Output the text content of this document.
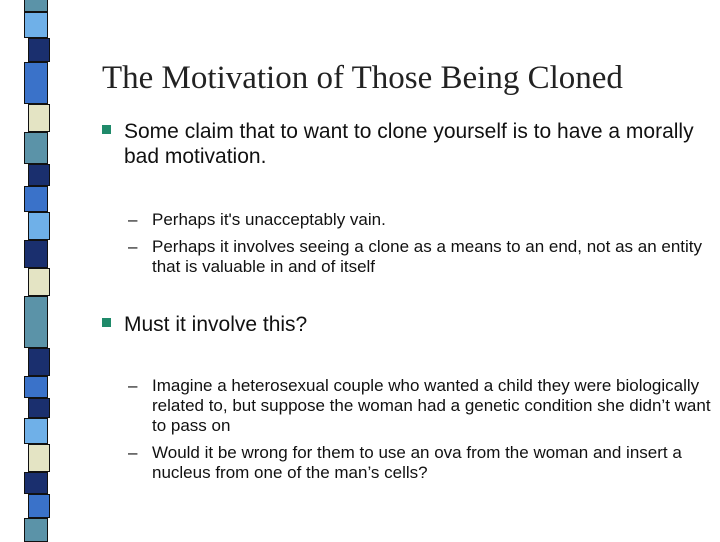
The Motivation of Those Being Cloned
Some claim that to want to clone yourself is to have a morally bad motivation.
– Perhaps it's unacceptably vain.
– Perhaps it involves seeing a clone as a means to an end, not as an entity that is valuable in and of itself
Must it involve this?
– Imagine a heterosexual couple who wanted a child they were biologically related to, but suppose the woman had a genetic condition she didn’t want to pass on
– Would it be wrong for them to use an ova from the woman and insert a nucleus from one of the man’s cells?
